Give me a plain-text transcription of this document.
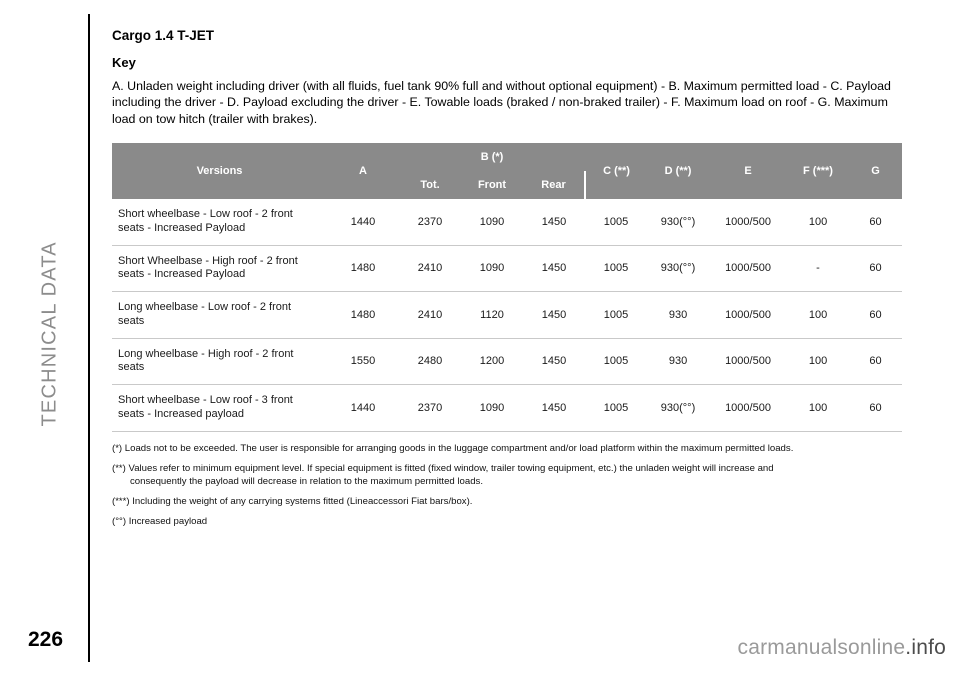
TECHNICAL DATA
Cargo 1.4 T-JET
Key
A. Unladen weight including driver (with all fluids, fuel tank 90% full and without optional equipment) - B. Maximum permitted load - C. Payload including the driver - D. Payload excluding the driver - E. Towable loads (braked / non-braked trailer) - F. Maximum load on roof - G. Maximum load on tow hitch (trailer with brakes).
Versions	A	B (*)			C (**)	D (**)	E	F (***)	G
		Tot.	Front	Rear					
Short wheelbase - Low roof - 2 front seats - Increased Payload	1440	2370	1090	1450	1005	930(°°)	1000/500	100	60
Short Wheelbase - High roof - 2 front seats - Increased Payload	1480	2410	1090	1450	1005	930(°°)	1000/500	-	60
Long wheelbase - Low roof - 2 front seats	1480	2410	1120	1450	1005	930	1000/500	100	60
Long wheelbase - High roof - 2 front seats	1550	2480	1200	1450	1005	930	1000/500	100	60
Short wheelbase - Low roof - 3 front seats - Increased payload	1440	2370	1090	1450	1005	930(°°)	1000/500	100	60

(*) Loads not to be exceeded. The user is responsible for arranging goods in the luggage compartment and/or load platform within the maximum permitted loads.

(**) Values refer to minimum equipment level. If special equipment is fitted (fixed window, trailer towing equipment, etc.) the unladen weight will increase and
consequently the payload will decrease in relation to the maximum permitted loads.

(***) Including the weight of any carrying systems fitted (Lineaccessori Fiat bars/box).

(°°) Increased payload

226	carmanualsonline.info
